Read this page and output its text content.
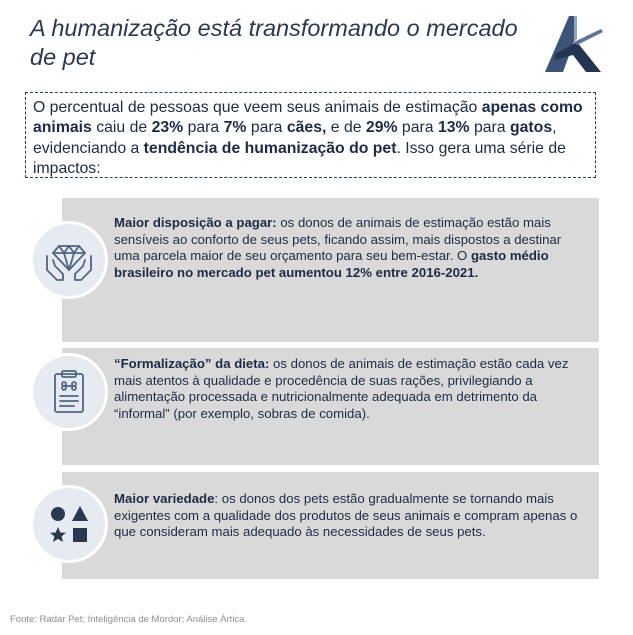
A humanização está transformando o mercado de pet
O percentual de pessoas que veem seus animais de estimação apenas como animais caiu de 23% para 7% para cães, e de 29% para 13% para gatos, evidenciando a tendência de humanização do pet. Isso gera uma série de impactos:
Maior disposição a pagar: os donos de animais de estimação estão mais sensíveis ao conforto de seus pets, ficando assim, mais dispostos a destinar uma parcela maior de seu orçamento para seu bem-estar. O gasto médio brasileiro no mercado pet aumentou 12% entre 2016-2021.
“Formalização” da dieta: os donos de animais de estimação estão cada vez mais atentos à qualidade e procedência de suas rações, privilegiando a alimentação processada e nutricionalmente adequada em detrimento da “informal” (por exemplo, sobras de comida).
Maior variedade: os donos dos pets estão gradualmente se tornando mais exigentes com a qualidade dos produtos de seus animais e compram apenas o que consideram mais adequado às necessidades de seus pets.
Fonte: Radar Pet; Inteligência de Mordor; Análise Ártica.
